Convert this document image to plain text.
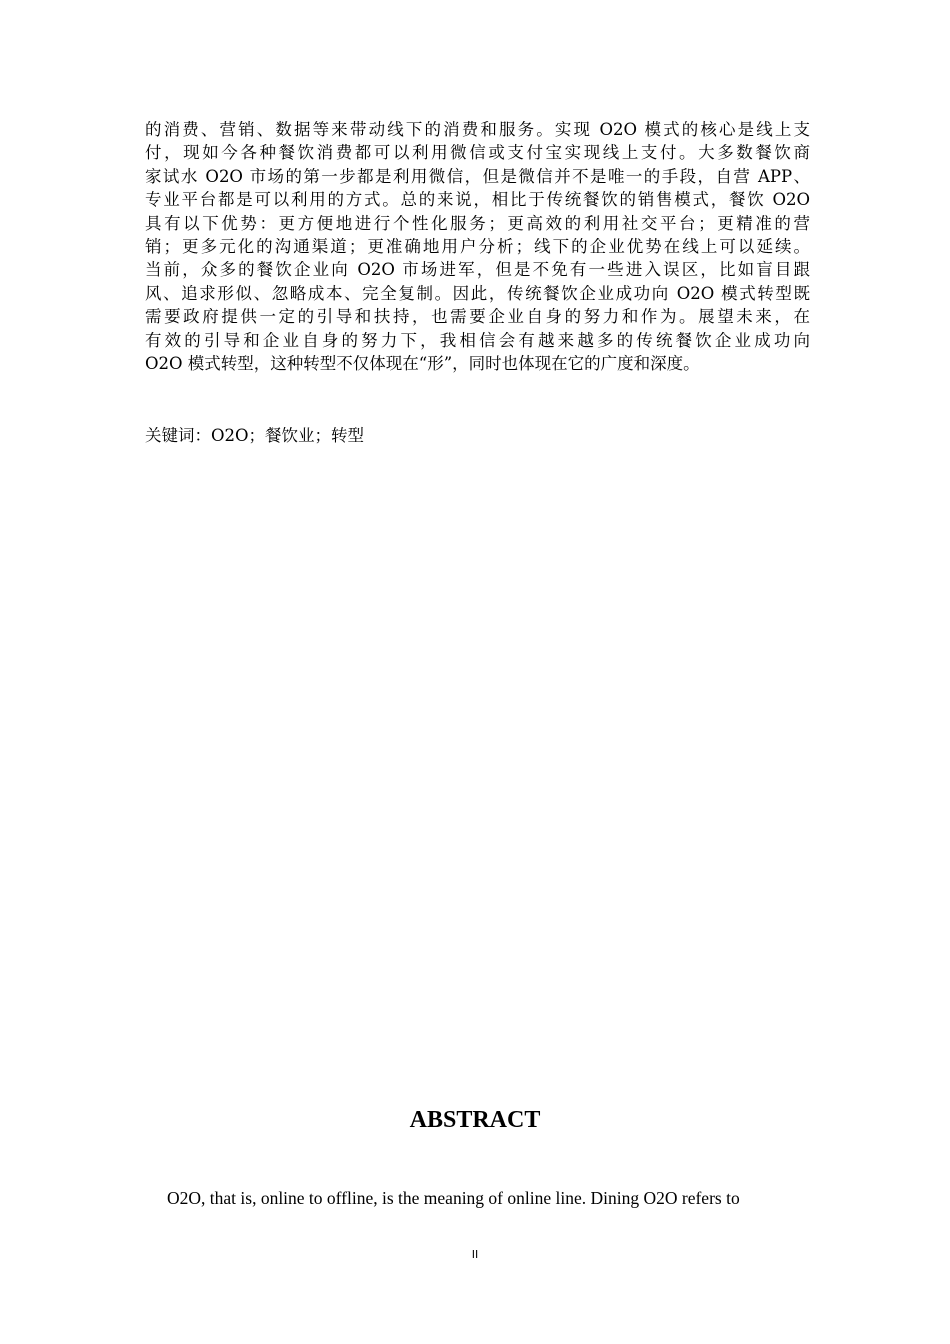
的消费、营销、数据等来带动线下的消费和服务。实现 O2O 模式的核心是线上支
付，现如今各种餐饮消费都可以利用微信或支付宝实现线上支付。大多数餐饮商
家试水 O2O 市场的第一步都是利用微信，但是微信并不是唯一的手段，自营 APP、
专业平台都是可以利用的方式。总的来说，相比于传统餐饮的销售模式，餐饮 O2O
具有以下优势：更方便地进行个性化服务；更高效的利用社交平台；更精准的营
销；更多元化的沟通渠道；更准确地用户分析；线下的企业优势在线上可以延续。
当前，众多的餐饮企业向 O2O 市场进军，但是不免有一些进入误区，比如盲目跟
风、追求形似、忽略成本、完全复制。因此，传统餐饮企业成功向 O2O 模式转型既
需要政府提供一定的引导和扶持，也需要企业自身的努力和作为。展望未来，在
有效的引导和企业自身的努力下，我相信会有越来越多的传统餐饮企业成功向
O2O 模式转型，这种转型不仅体现在“形”，同时也体现在它的广度和深度。
关键词：O2O；餐饮业；转型
ABSTRACT
O2O, that is, online to offline, is the meaning of online line. Dining O2O refers to
II
